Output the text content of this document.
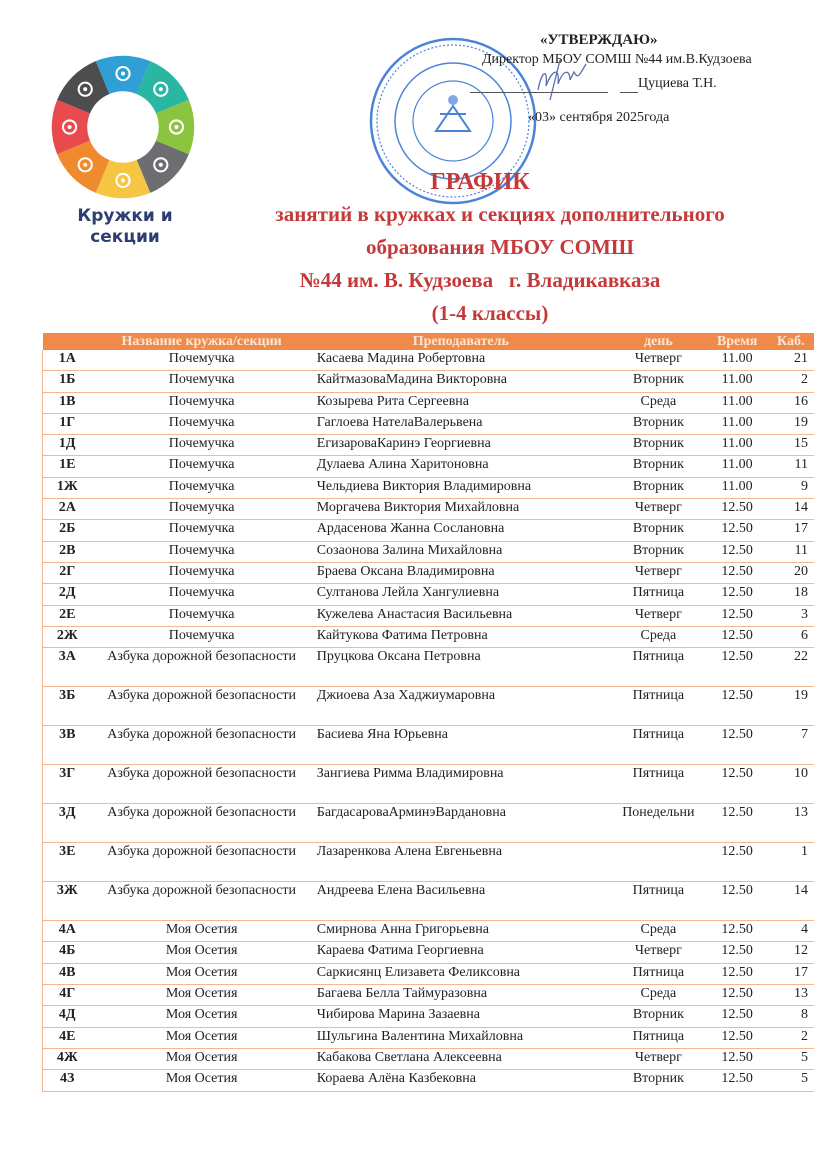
Кружки и
секции
«УТВЕРЖДАЮ»
Директор МБОУ СОМШ №44 им.В.Кудзоева
Цуциева Т.Н.
«03» сентября 2025года
ГРАФИК
занятий в кружках и секциях дополнительного
образования МБОУ СОМШ
№44 им. В. Кудзоева   г. Владикавказа
(1-4 классы)
	Название кружка/секции	Преподаватель	день	Время	Каб.
1А	Почемучка	Касаева Мадина Робертовна	Четверг	11.00	21
1Б	Почемучка	КайтмазоваМадина Викторовна	Вторник	11.00	2
1В	Почемучка	Козырева Рита Сергеевна	Среда	11.00	16
1Г	Почемучка	Гаглоева НателаВалерьвена	Вторник	11.00	19
1Д	Почемучка	ЕгизароваКаринэ Георгиевна	Вторник	11.00	15
1Е	Почемучка	Дулаева Алина Харитоновна	Вторник	11.00	11
1Ж	Почемучка	Чельдиева Виктория Владимировна	Вторник	11.00	9
2А	Почемучка	Моргачева Виктория Михайловна	Четверг	12.50	14
2Б	Почемучка	Ардасенова Жанна Сослановна	Вторник	12.50	17
2В	Почемучка	Созаонова Залина Михайловна	Вторник	12.50	11
2Г	Почемучка	Браева Оксана Владимировна	Четверг	12.50	20
2Д	Почемучка	Султанова Лейла Хангулиевна	Пятница	12.50	18
2Е	Почемучка	Кужелева Анастасия Васильевна	Четверг	12.50	3
2Ж	Почемучка	Кайтукова Фатима Петровна	Среда	12.50	6
3А	Азбука дорожной безопасности	Пруцкова Оксана Петровна	Пятница	12.50	22
3Б	Азбука дорожной безопасности	Джиоева Аза Хаджиумаровна	Пятница	12.50	19
3В	Азбука дорожной безопасности	Басиева Яна Юрьевна	Пятница	12.50	7
3Г	Азбука дорожной безопасности	Зангиева Римма Владимировна	Пятница	12.50	10
3Д	Азбука дорожной безопасности	БагдасароваАрминэВардановна	Понедельни	12.50	13
3Е	Азбука дорожной безопасности	Лазаренкова Алена Евгеньевна		12.50	1
3Ж	Азбука дорожной безопасности	Андреева Елена Васильевна	Пятница	12.50	14
4А	Моя Осетия	Смирнова Анна Григорьевна	Среда	12.50	4
4Б	Моя Осетия	Караева Фатима Георгиевна	Четверг	12.50	12
4В	Моя Осетия	Саркисянц Елизавета Феликсовна	Пятница	12.50	17
4Г	Моя Осетия	Багаева Белла Таймуразовна	Среда	12.50	13
4Д	Моя Осетия	Чибирова Марина Зазаевна	Вторник	12.50	8
4Е	Моя Осетия	Шульгина Валентина Михайловна	Пятница	12.50	2
4Ж	Моя Осетия	Кабакова Светлана Алексеевна	Четверг	12.50	5
4З	Моя Осетия	Кораева Алёна Казбековна	Вторник	12.50	5
